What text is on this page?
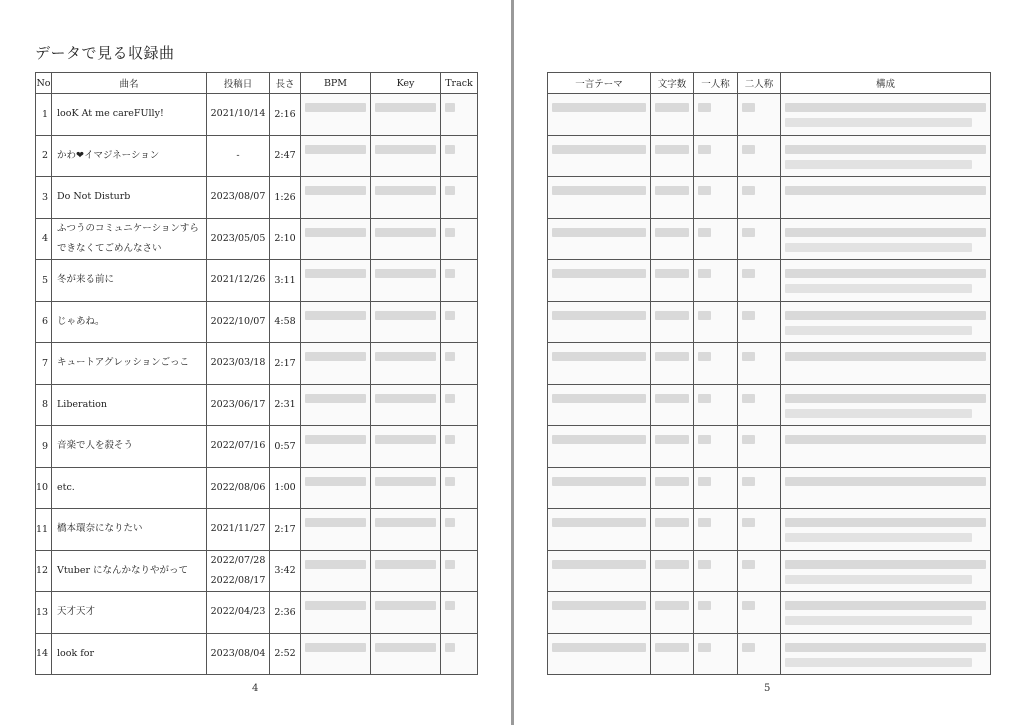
データで見る収録曲
No	曲名	投稿日	長さ	BPM	Key	Track
1	looK At me careFUlly!	2021/10/14	2:16			
2	かわ❤イマジネーション	-	2:47			
3	Do Not Disturb	2023/08/07	1:26			
4	ふつうのコミュニケーションすら
できなくてごめんなさい	2023/05/05	2:10			
5	冬が来る前に	2021/12/26	3:11			
6	じゃあね。	2022/10/07	4:58			
7	キュートアグレッションごっこ	2023/03/18	2:17			
8	Liberation	2023/06/17	2:31			
9	音楽で人を殺そう	2022/07/16	0:57			
10	etc.	2022/08/06	1:00			
11	橋本環奈になりたい	2021/11/27	2:17			
12	Vtuber になんかなりやがって	2022/07/28
2022/08/17	3:42			
13	天才天才	2022/04/23	2:36			
14	look for	2023/08/04	2:52			
4
一言テーマ	文字数	一人称	二人称	構成

5
